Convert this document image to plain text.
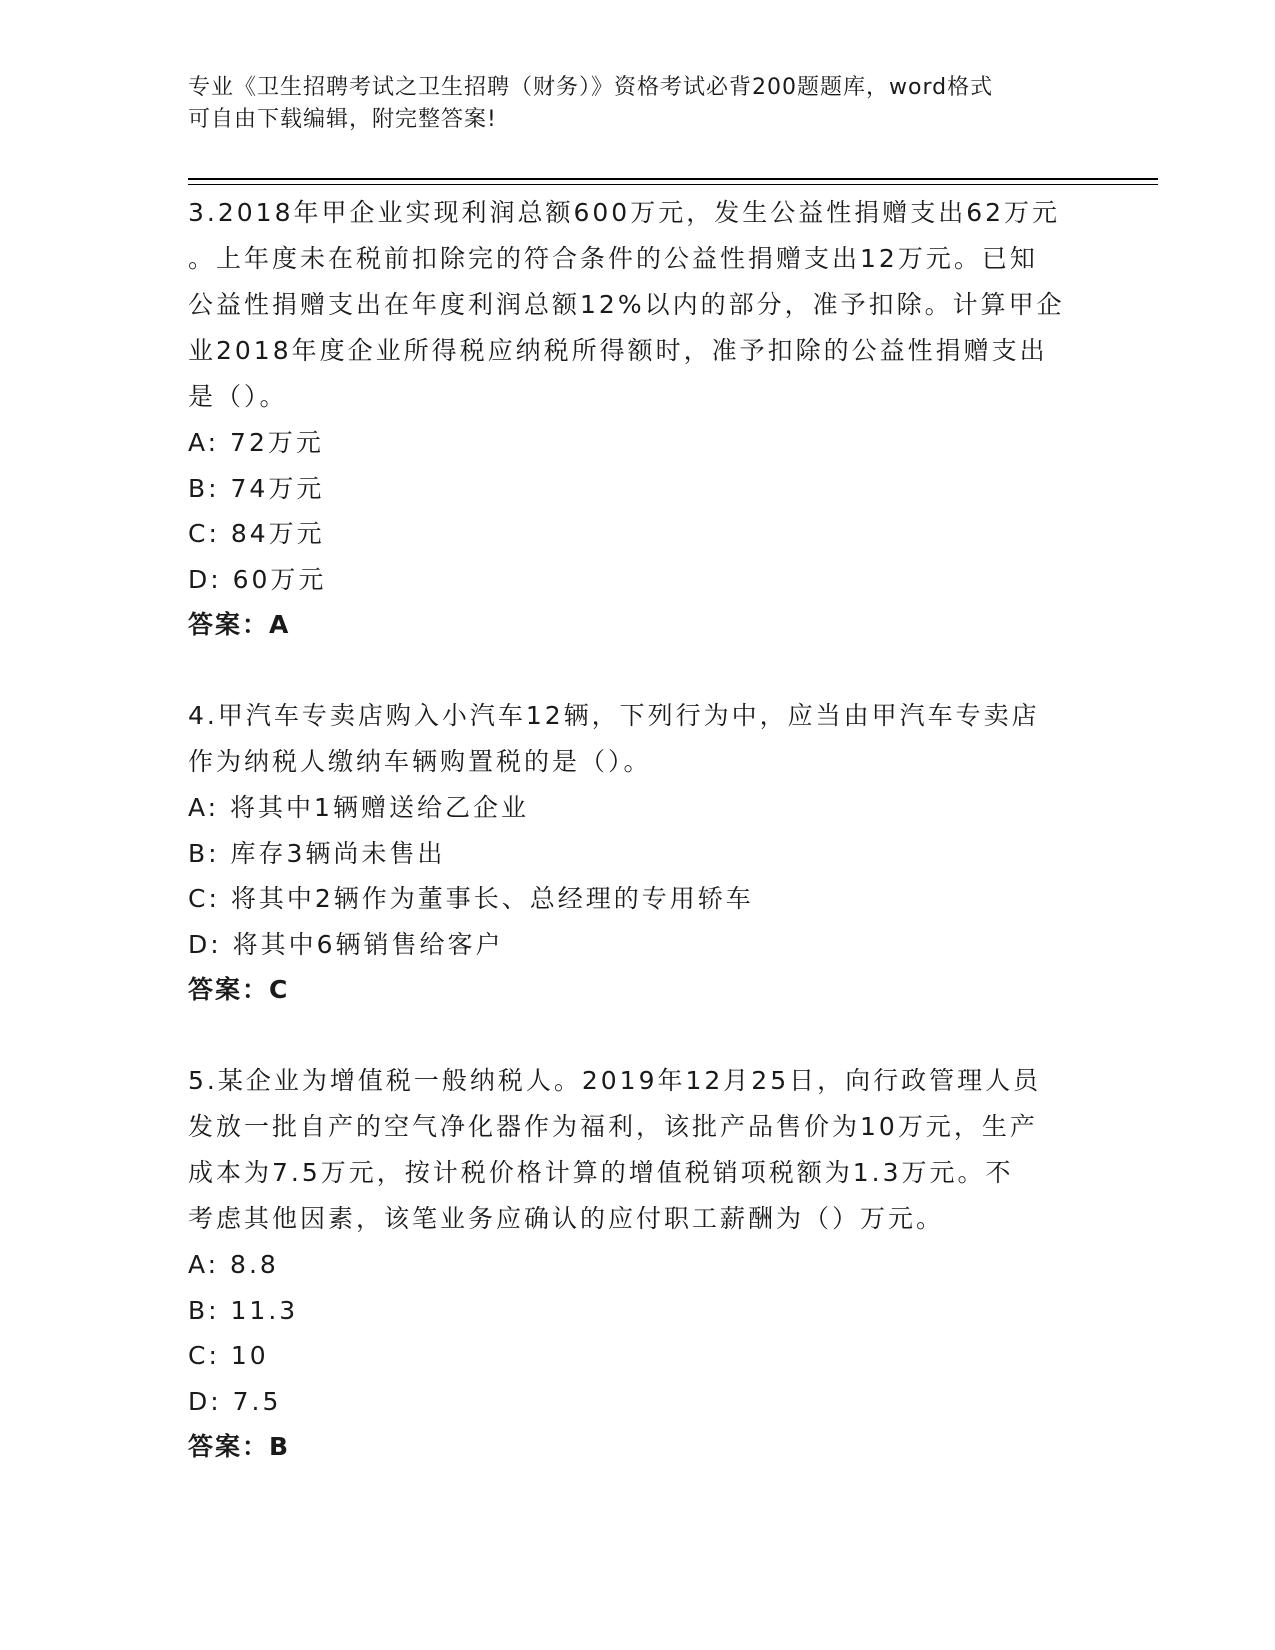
专业《卫生招聘考试之卫生招聘（财务）》资格考试必背200题题库，word格式
可自由下载编辑，附完整答案!

3.2018年甲企业实现利润总额600万元，发生公益性捐赠支出62万元

。上年度未在税前扣除完的符合条件的公益性捐赠支出12万元。已知

公益性捐赠支出在年度利润总额12%以内的部分，准予扣除。计算甲企

业2018年度企业所得税应纳税所得额时，准予扣除的公益性捐赠支出

是（）。

A: 72万元

B: 74万元

C: 84万元

D: 60万元

答案：A

4.甲汽车专卖店购入小汽车12辆，下列行为中，应当由甲汽车专卖店

作为纳税人缴纳车辆购置税的是（）。

A: 将其中1辆赠送给乙企业

B: 库存3辆尚未售出

C: 将其中2辆作为董事长、总经理的专用轿车

D: 将其中6辆销售给客户

答案：C

5.某企业为增值税一般纳税人。2019年12月25日，向行政管理人员

发放一批自产的空气净化器作为福利，该批产品售价为10万元，生产

成本为7.5万元，按计税价格计算的增值税销项税额为1.3万元。不

考虑其他因素，该笔业务应确认的应付职工薪酬为（）万元。

A: 8.8

B: 11.3

C: 10

D: 7.5

答案：B
